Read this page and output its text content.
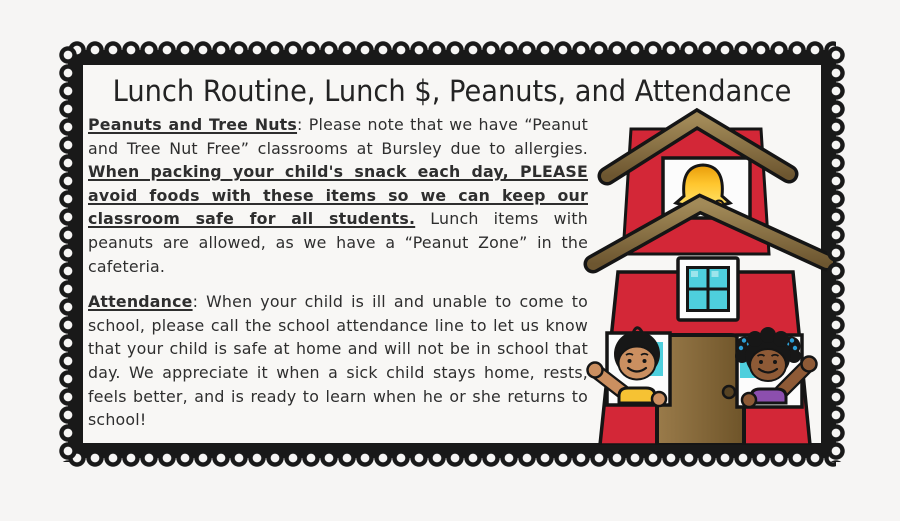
Lunch Routine, Lunch $, Peanuts, and Attendance

Peanuts and Tree Nuts: Please note that we have “Peanut and Tree Nut Free” classrooms at Bursley due to allergies. When packing your child's snack each day, PLEASE avoid foods with these items so we can keep our classroom safe for all students. Lunch items with peanuts are allowed, as we have a “Peanut Zone” in the cafeteria.

Attendance: When your child is ill and unable to come to school, please call the school attendance line to let us know that your child is safe at home and will not be in school that day. We appreciate it when a sick child stays home, rests, feels better, and is ready to learn when he or she returns to school!
